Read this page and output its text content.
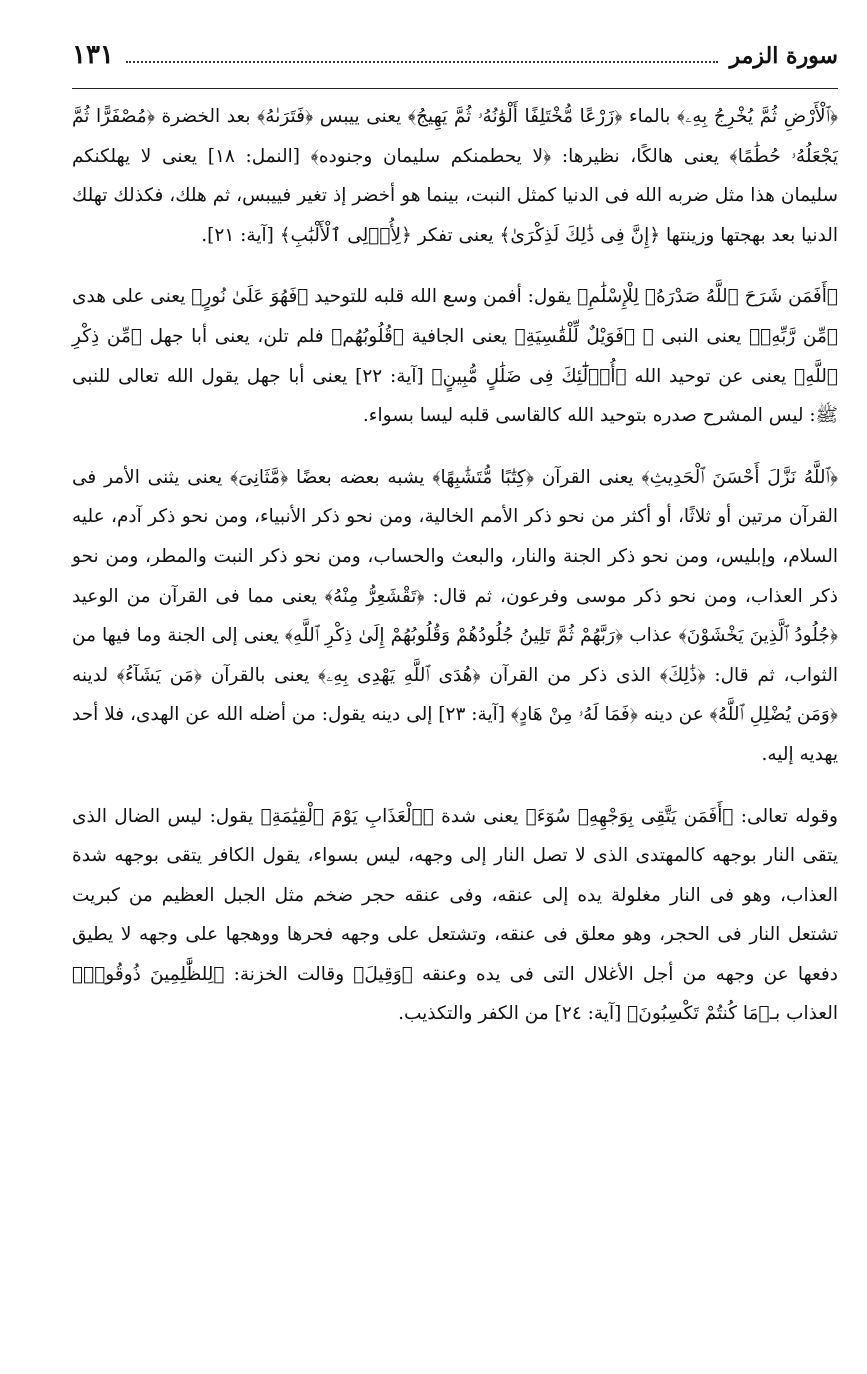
سورة الزمر
١٣١

﴿ٱلْأَرْضِ ثُمَّ يُخْرِجُ بِهِۦ﴾ بالماء ﴿زَرْعًا مُّخْتَلِفًا أَلْوَٰنُهُۥ ثُمَّ يَهِيجُ﴾ يعنى ييبس ﴿فَتَرَىٰهُ﴾ بعد الخضرة ﴿مُصْفَرًّا ثُمَّ يَجْعَلُهُۥ حُطَٰمًا﴾ يعنى هالكًا، نظيرها: ﴿لا يحطمنكم سليمان وجنوده﴾ [النمل: ١٨] يعنى لا يهلكنكم سليمان هذا مثل ضربه الله فى الدنيا كمثل النبت، بينما هو أخضر إذ تغير فييبس، ثم هلك، فكذلك تهلك الدنيا بعد بهجتها وزينتها ﴿إِنَّ فِى ذَٰلِكَ لَذِكْرَىٰ﴾ يعنى تفكر ﴿لِأُو۟لِى ٱلْأَلْبَٰبِ﴾ [آية: ٢١].

﴿أَفَمَن شَرَحَ ٱللَّهُ صَدْرَهُۥ لِلْإِسْلَٰمِ﴾ يقول: أفمن وسع الله قلبه للتوحيد ﴿فَهُوَ عَلَىٰ نُورٍ﴾ يعنى على هدى ﴿مِّن رَّبِّهِۦ﴾ يعنى النبى ﷺ ﴿فَوَيْلٌ لِّلْقَٰسِيَةِ﴾ يعنى الجافية ﴿قُلُوبُهُم﴾ فلم تلن، يعنى أبا جهل ﴿مِّن ذِكْرِ ٱللَّهِ﴾ يعنى عن توحيد الله ﴿أُو۟لَٰٓئِكَ فِى ضَلَٰلٍ مُّبِينٍ﴾ [آية: ٢٢] يعنى أبا جهل يقول الله تعالى للنبى ﷺ: ليس المشرح صدره بتوحيد الله كالقاسى قلبه ليسا بسواء.

﴿ٱللَّهُ نَزَّلَ أَحْسَنَ ٱلْحَدِيثِ﴾ يعنى القرآن ﴿كِتَٰبًا مُّتَشَٰبِهًا﴾ يشبه بعضه بعضًا ﴿مَّثَانِىَ﴾ يعنى يثنى الأمر فى القرآن مرتين أو ثلاثًا، أو أكثر من نحو ذكر الأمم الخالية، ومن نحو ذكر الأنبياء، ومن نحو ذكر آدم، عليه السلام، وإبليس، ومن نحو ذكر الجنة والنار، والبعث والحساب، ومن نحو ذكر النبت والمطر، ومن نحو ذكر العذاب، ومن نحو ذكر موسى وفرعون، ثم قال: ﴿تَقْشَعِرُّ مِنْهُ﴾ يعنى مما فى القرآن من الوعيد ﴿جُلُودُ ٱلَّذِينَ يَخْشَوْنَ﴾ عذاب ﴿رَبَّهُمْ ثُمَّ تَلِينُ جُلُودُهُمْ وَقُلُوبُهُمْ إِلَىٰ ذِكْرِ ٱللَّهِ﴾ يعنى إلى الجنة وما فيها من الثواب، ثم قال: ﴿ذَٰلِكَ﴾ الذى ذكر من القرآن ﴿هُدَى ٱللَّهِ يَهْدِى بِهِۦ﴾ يعنى بالقرآن ﴿مَن يَشَآءُ﴾ لدينه ﴿وَمَن يُضْلِلِ ٱللَّهُ﴾ عن دينه ﴿فَمَا لَهُۥ مِنْ هَادٍ﴾ [آية: ٢٣] إلى دينه يقول: من أضله الله عن الهدى، فلا أحد يهديه إليه.

وقوله تعالى: ﴿أَفَمَن يَتَّقِى بِوَجْهِهِۦ سُوٓءَ﴾ يعنى شدة ﴿ٱلْعَذَابِ يَوْمَ ٱلْقِيَٰمَةِ﴾ يقول: ليس الضال الذى يتقى النار بوجهه كالمهتدى الذى لا تصل النار إلى وجهه، ليس بسواء، يقول الكافر يتقى بوجهه شدة العذاب، وهو فى النار مغلولة يده إلى عنقه، وفى عنقه حجر ضخم مثل الجبل العظيم من كبريت تشتعل النار فى الحجر، وهو معلق فى عنقه، وتشتعل على وجهه فحرها ووهجها على وجهه لا يطيق دفعها عن وجهه من أجل الأغلال التى فى يده وعنقه ﴿وَقِيلَ﴾ وقالت الخزنة: ﴿لِلظَّٰلِمِينَ ذُوقُوا۟﴾ العذاب بـ﴿مَا كُنتُمْ تَكْسِبُونَ﴾ [آية: ٢٤] من الكفر والتكذيب.
